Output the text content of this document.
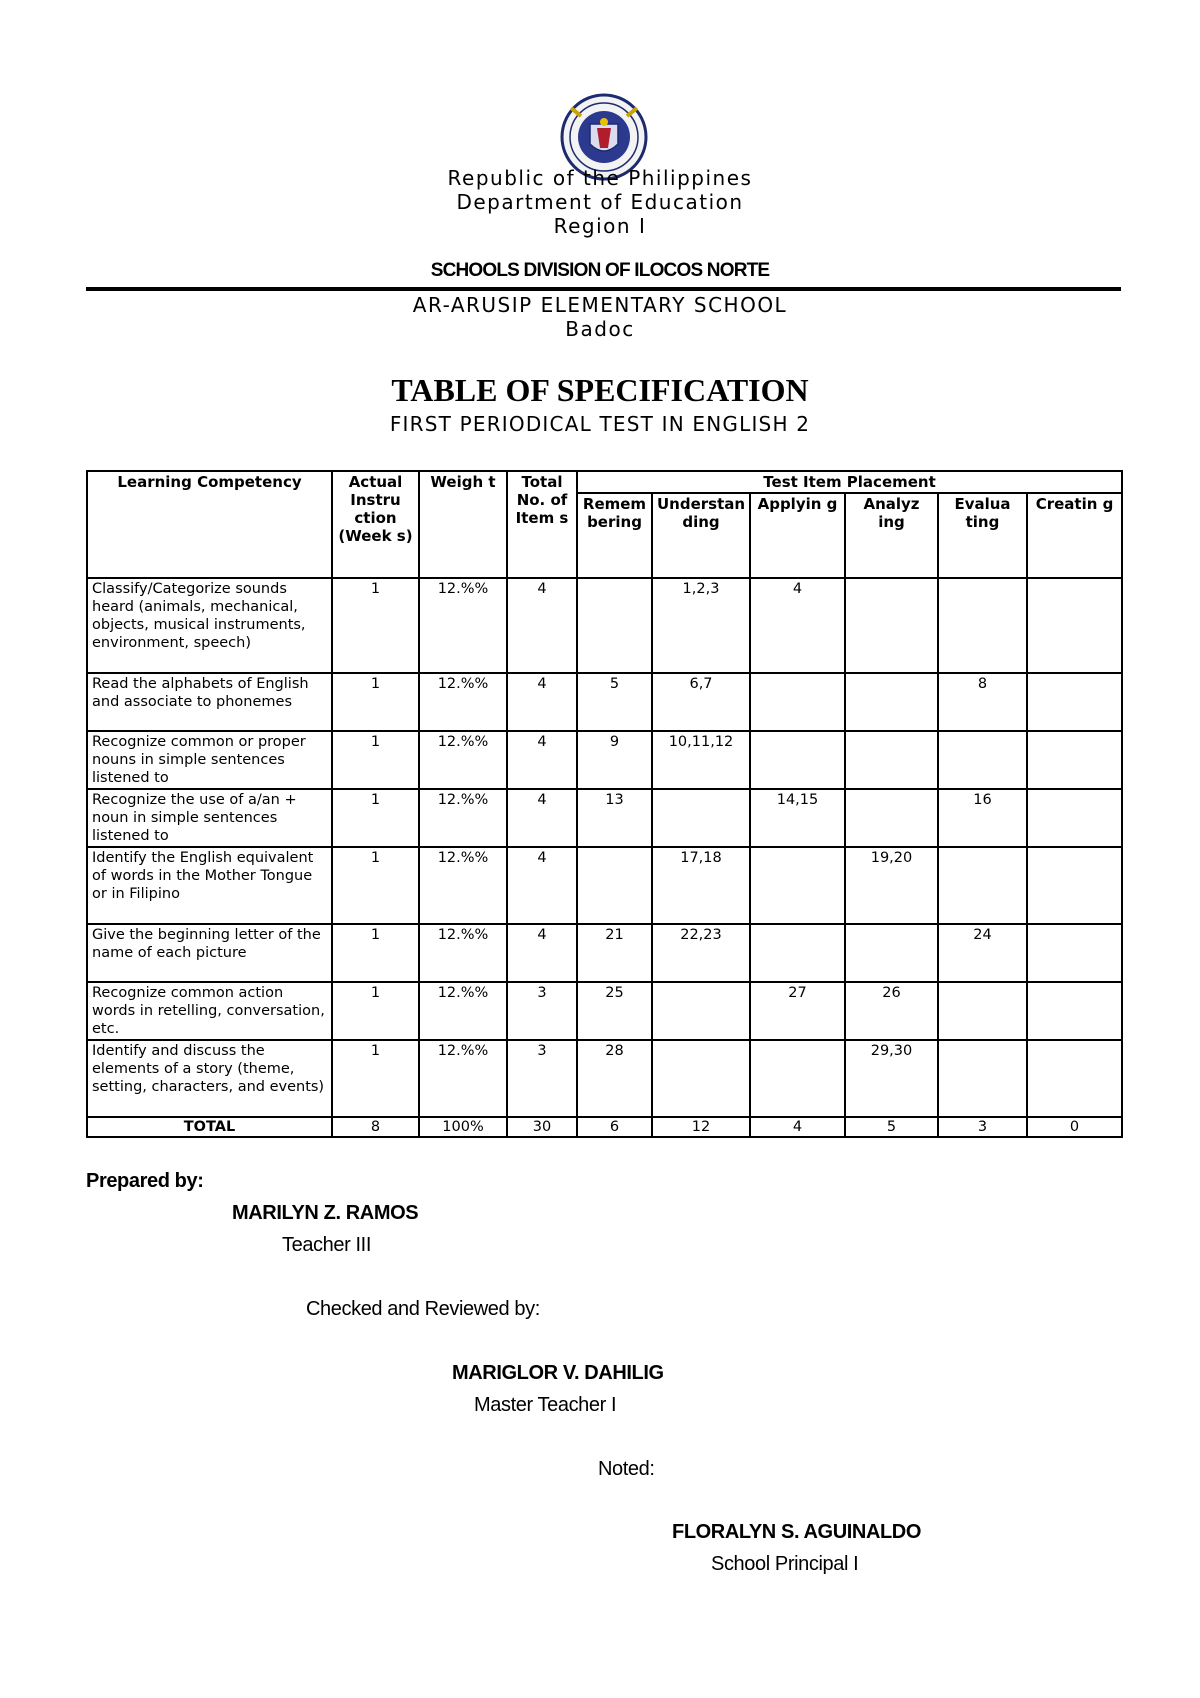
Republic of the Philippines
Department of Education
Region I
SCHOOLS DIVISION OF ILOCOS NORTE
AR-ARUSIP ELEMENTARY SCHOOL
Badoc
TABLE OF SPECIFICATION
FIRST PERIODICAL TEST IN ENGLISH 2
Learning Competency	Actual Instru ction (Week s)	Weigh t	Total No. of Item s	Test Item Placement					
				Remem bering	Understan ding	Applyin g	Analyz ing	Evalua ting	Creatin g
Classify/Categorize sounds heard (animals, mechanical, objects, musical instruments, environment, speech)	1	12.%%	4		1,2,3	4			
Read the alphabets of English and associate to phonemes	1	12.%%	4	5	6,7			8	
Recognize common or proper nouns in simple sentences listened to	1	12.%%	4	9	10,11,12				
Recognize the use of a/an + noun in simple sentences listened to	1	12.%%	4	13		14,15		16	
Identify the English equivalent of words in the Mother Tongue or in Filipino	1	12.%%	4		17,18		19,20		
Give the beginning letter of the name of each picture	1	12.%%	4	21	22,23			24	
Recognize common action words in retelling, conversation, etc.	1	12.%%	3	25		27	26		
Identify and discuss the elements of a story (theme, setting, characters, and events)	1	12.%%	3	28			29,30		
TOTAL	8	100%	30	6	12	4	5	3	0
Prepared by:
MARILYN Z. RAMOS
Teacher III
Checked and Reviewed by:
MARIGLOR V. DAHILIG
Master Teacher I
Noted:
FLORALYN S. AGUINALDO
School Principal I
